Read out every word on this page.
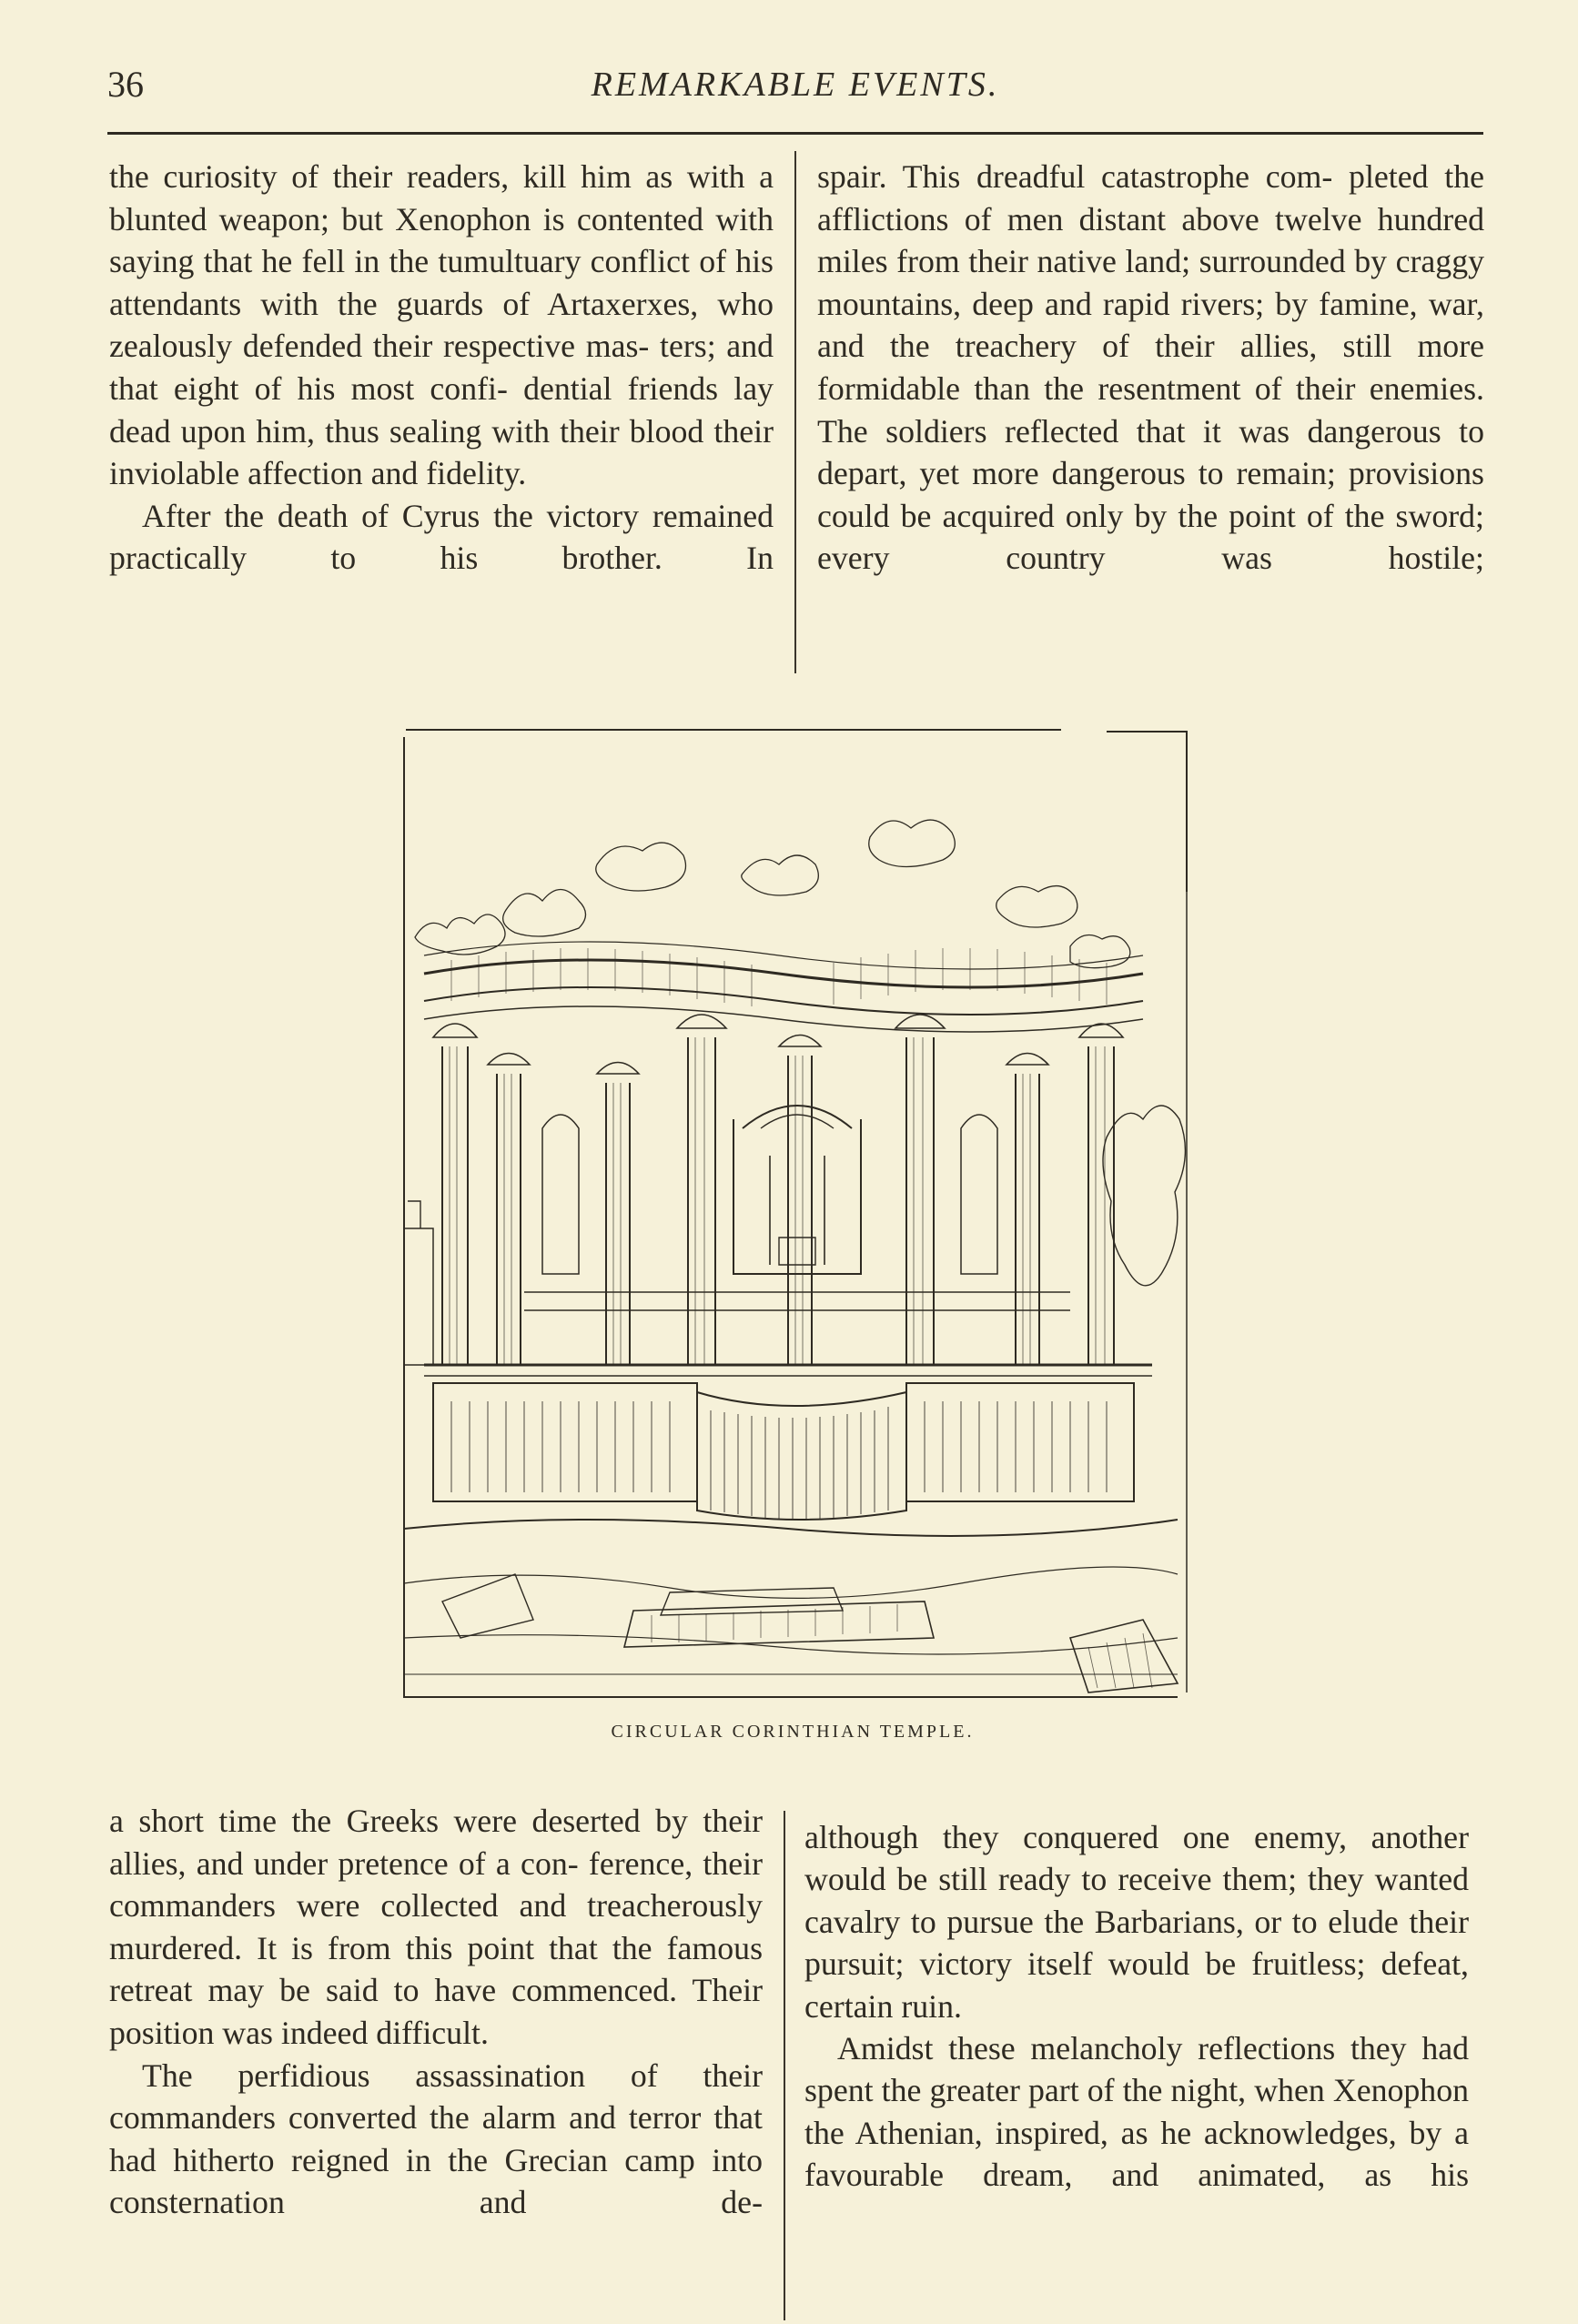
36	REMARKABLE EVENTS.

the curiosity of their readers, kill him as with a blunted weapon; but Xenophon is contented with saying that he fell in the tumultuary conflict of his attendants with the guards of Artaxerxes, who zealously defended their respective mas- ters; and that eight of his most confi- dential friends lay dead upon him, thus sealing with their blood their inviolable affection and fidelity.

After the death of Cyrus the victory remained practically to his brother. In

spair. This dreadful catastrophe com- pleted the afflictions of men distant above twelve hundred miles from their native land; surrounded by craggy mountains, deep and rapid rivers; by famine, war, and the treachery of their allies, still more formidable than the resentment of their enemies. The soldiers reflected that it was dangerous to depart, yet more dangerous to remain; provisions could be acquired only by the point of the sword; every country was hostile;

CIRCULAR CORINTHIAN TEMPLE.

a short time the Greeks were deserted by their allies, and under pretence of a con- ference, their commanders were collected and treacherously murdered. It is from this point that the famous retreat may be said to have commenced. Their position was indeed difficult.

The perfidious assassination of their commanders converted the alarm and terror that had hitherto reigned in the Grecian camp into consternation and de-

although they conquered one enemy, another would be still ready to receive them; they wanted cavalry to pursue the Barbarians, or to elude their pursuit; victory itself would be fruitless; defeat, certain ruin.

Amidst these melancholy reflections they had spent the greater part of the night, when Xenophon the Athenian, inspired, as he acknowledges, by a favourable dream, and animated, as his
